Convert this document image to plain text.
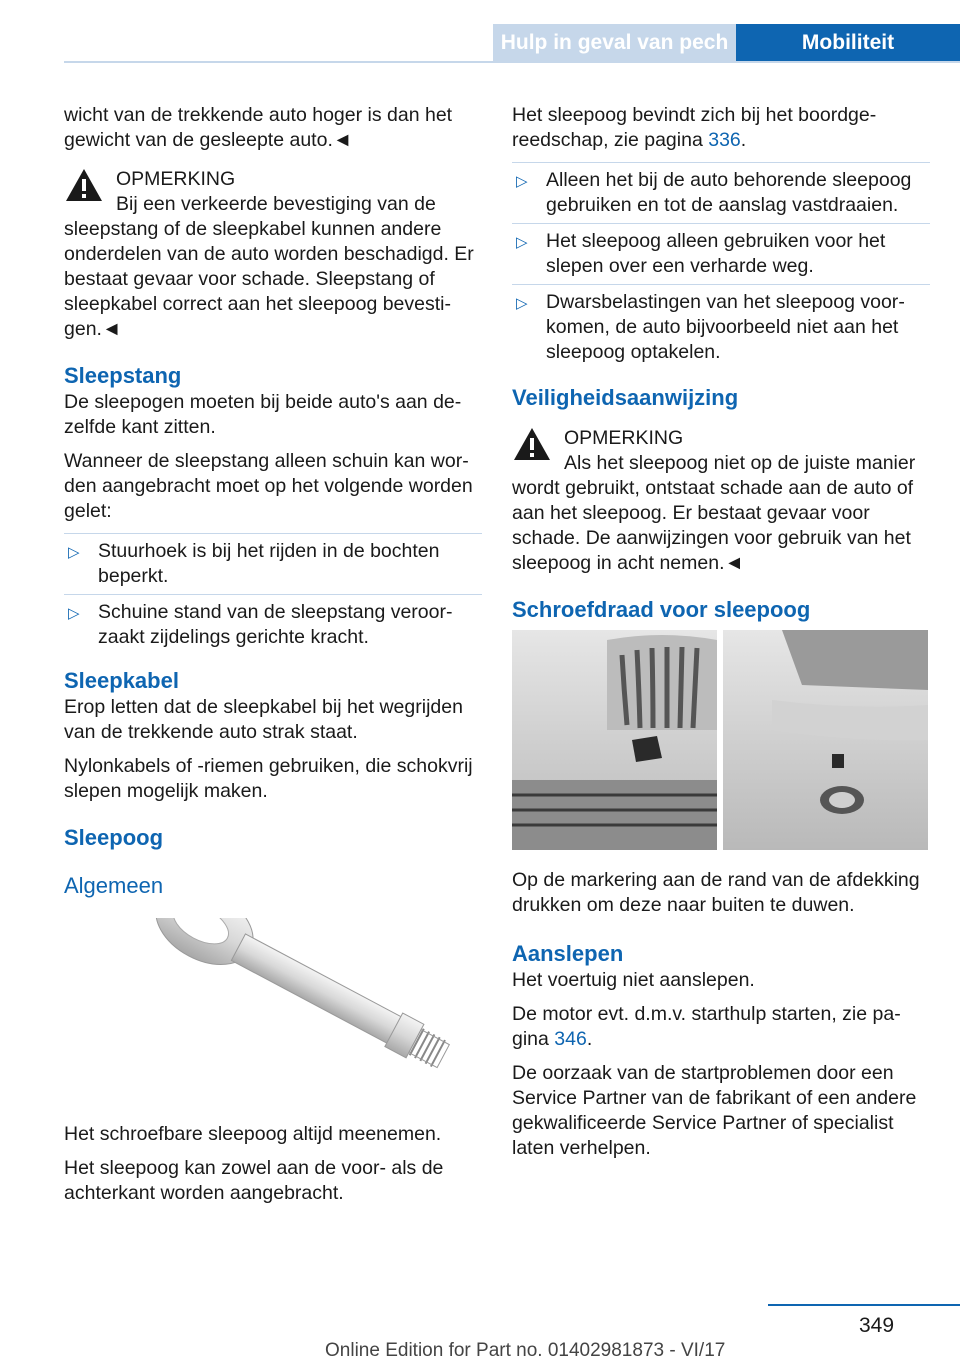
Hulp in geval van pech	Mobiliteit

wicht van de trekkende auto hoger is dan het gewicht van de gesleepte auto.◄

OPMERKING
Bij een verkeerde bevestiging van de sleepstang of de sleepkabel kunnen andere onderdelen van de auto worden beschadigd. Er bestaat gevaar voor schade. Sleepstang of sleepkabel correct aan het sleepoog bevestigen.◄
Sleepstang

De sleepogen moeten bij beide auto's aan dezelfde kant zitten.

Wanneer de sleepstang alleen schuin kan worden aangebracht moet op het volgende worden gelet:

▷ Stuurhoek is bij het rijden in de bochten beperkt.
▷ Schuine stand van de sleepstang veroorzaakt zijdelings gerichte kracht.
Sleepkabel

Erop letten dat de sleepkabel bij het wegrijden van de trekkende auto strak staat.

Nylonkabels of -riemen gebruiken, die schokvrij slepen mogelijk maken.

Sleepoog
Algemeen

Het schroefbare sleepoog altijd meenemen.

Het sleepoog kan zowel aan de voor- als de achterkant worden aangebracht.

Het sleepoog bevindt zich bij het boordgereedschap, zie pagina 336.

▷ Alleen het bij de auto behorende sleepoog gebruiken en tot de aanslag vastdraaien.
▷ Het sleepoog alleen gebruiken voor het slepen over een verharde weg.
▷ Dwarsbelastingen van het sleepoog voorkomen, de auto bijvoorbeeld niet aan het sleepoog optakelen.
Veiligheidsaanwijzing
OPMERKING
Als het sleepoog niet op de juiste manier wordt gebruikt, ontstaat schade aan de auto of aan het sleepoog. Er bestaat gevaar voor schade. De aanwijzingen voor gebruik van het sleepoog in acht nemen.◄
Schroefdraad voor sleepoog

Op de markering aan de rand van de afdekking drukken om deze naar buiten te duwen.

Aanslepen

Het voertuig niet aanslepen.

De motor evt. d.m.v. starthulp starten, zie pagina 346.

De oorzaak van de startproblemen door een Service Partner van de fabrikant of een andere gekwalificeerde Service Partner of specialist laten verhelpen.

349
Online Edition for Part no. 01402981873 - VI/17
